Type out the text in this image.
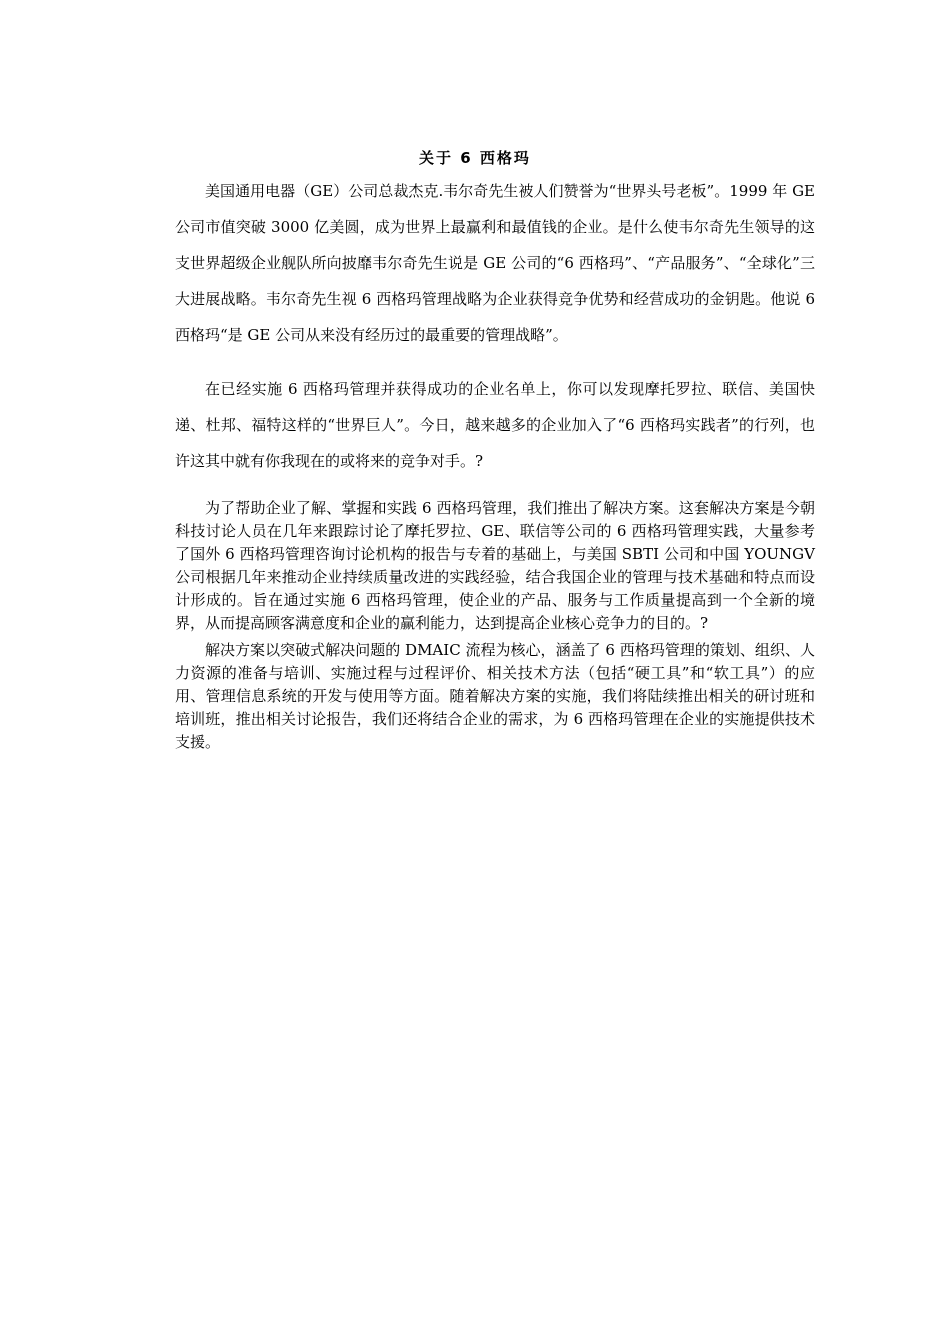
关于 6 西格玛

美国通用电器（GE）公司总裁杰克.韦尔奇先生被人们赞誉为“世界头号老板”。1999 年 GE 公司市值突破 3000 亿美圆，成为世界上最赢利和最值钱的企业。是什么使韦尔奇先生领导的这支世界超级企业舰队所向披靡韦尔奇先生说是 GE 公司的“6 西格玛”、“产品服务”、“全球化”三大进展战略。韦尔奇先生视 6 西格玛管理战略为企业获得竞争优势和经营成功的金钥匙。他说 6 西格玛“是 GE 公司从来没有经历过的最重要的管理战略”。

在已经实施 6 西格玛管理并获得成功的企业名单上，你可以发现摩托罗拉、联信、美国快递、杜邦、福特这样的“世界巨人”。今日，越来越多的企业加入了“6 西格玛实践者”的行列，也许这其中就有你我现在的或将来的竞争对手。?

为了帮助企业了解、掌握和实践 6 西格玛管理，我们推出了解决方案。这套解决方案是今朝科技讨论人员在几年来跟踪讨论了摩托罗拉、GE、联信等公司的 6 西格玛管理实践，大量参考了国外 6 西格玛管理咨询讨论机构的报告与专着的基础上，与美国 SBTI 公司和中国 YOUNGV 公司根据几年来推动企业持续质量改进的实践经验，结合我国企业的管理与技术基础和特点而设计形成的。旨在通过实施 6 西格玛管理，使企业的产品、服务与工作质量提高到一个全新的境界，从而提高顾客满意度和企业的赢利能力，达到提高企业核心竞争力的目的。?

解决方案以突破式解决问题的 DMAIC 流程为核心，涵盖了 6 西格玛管理的策划、组织、人力资源的准备与培训、实施过程与过程评价、相关技术方法（包括“硬工具”和“软工具”）的应用、管理信息系统的开发与使用等方面。随着解决方案的实施，我们将陆续推出相关的研讨班和培训班，推出相关讨论报告，我们还将结合企业的需求，为 6 西格玛管理在企业的实施提供技术支援。
